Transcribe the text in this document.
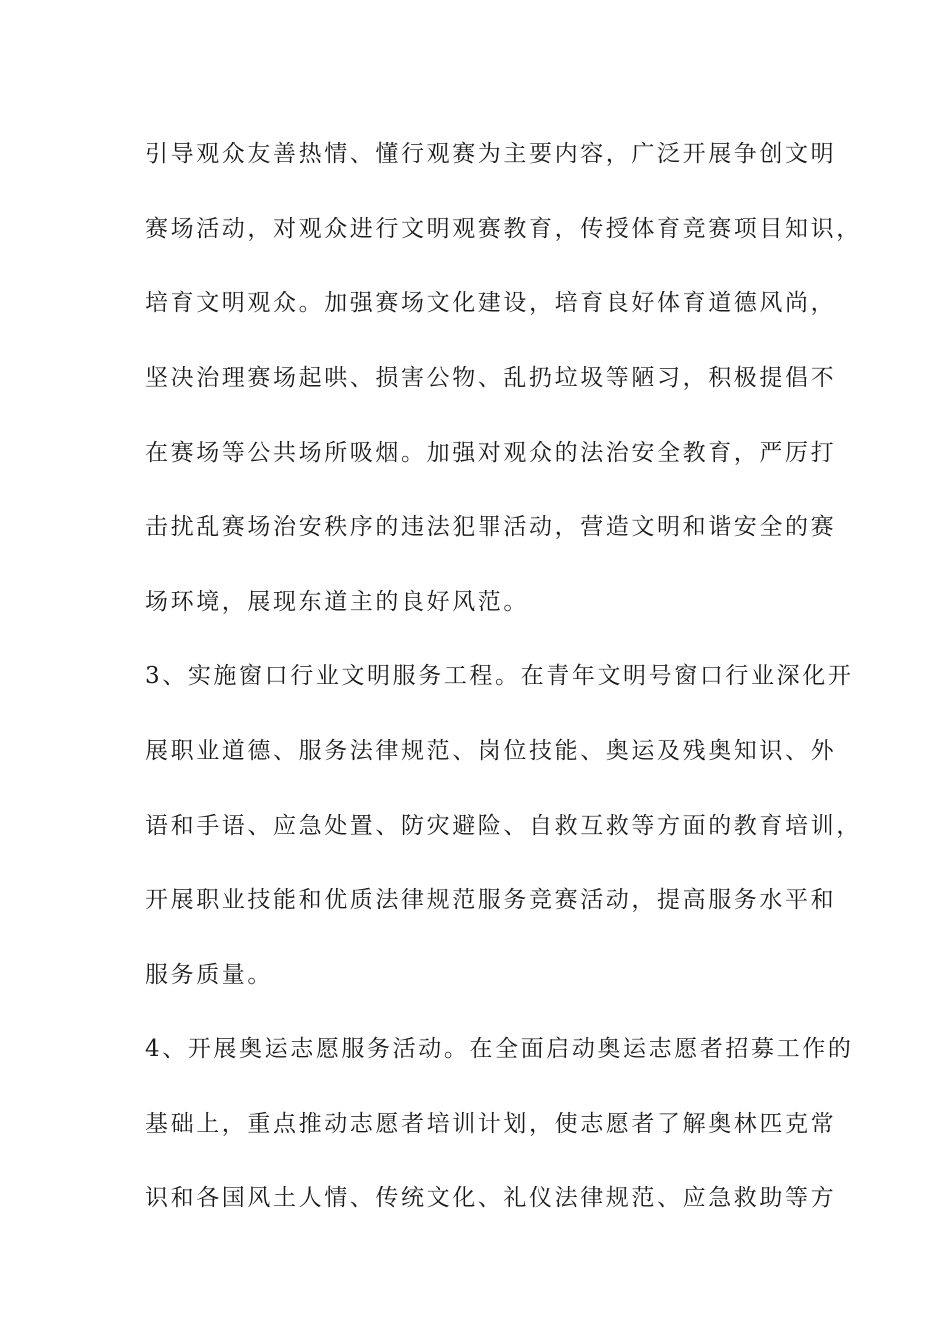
引导观众友善热情、懂行观赛为主要内容，广泛开展争创文明
赛场活动，对观众进行文明观赛教育，传授体育竞赛项目知识，
培育文明观众。加强赛场文化建设，培育良好体育道德风尚，
坚决治理赛场起哄、损害公物、乱扔垃圾等陋习，积极提倡不
在赛场等公共场所吸烟。加强对观众的法治安全教育，严厉打
击扰乱赛场治安秩序的违法犯罪活动，营造文明和谐安全的赛
场环境，展现东道主的良好风范。
3、实施窗口行业文明服务工程。在青年文明号窗口行业深化开
展职业道德、服务法律规范、岗位技能、奥运及残奥知识、外
语和手语、应急处置、防灾避险、自救互救等方面的教育培训，
开展职业技能和优质法律规范服务竞赛活动，提高服务水平和
服务质量。
4、开展奥运志愿服务活动。在全面启动奥运志愿者招募工作的
基础上，重点推动志愿者培训计划，使志愿者了解奥林匹克常
识和各国风土人情、传统文化、礼仪法律规范、应急救助等方
